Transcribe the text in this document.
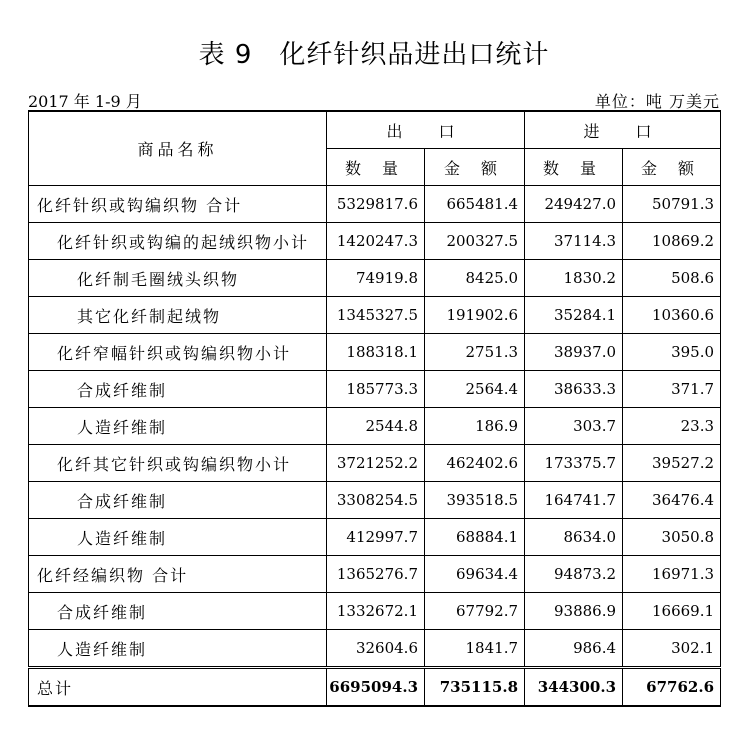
表 9　化纤针织品进出口统计
2017 年 1-9 月	单位：吨 万美元
商品名称	出　口		进　口	
	数 量	金 额	数 量	金 额
化纤针织或钩编织物 合计	5329817.6	665481.4	249427.0	50791.3
化纤针织或钩编的起绒织物小计	1420247.3	200327.5	37114.3	10869.2
化纤制毛圈绒头织物	74919.8	8425.0	1830.2	508.6
其它化纤制起绒物	1345327.5	191902.6	35284.1	10360.6
化纤窄幅针织或钩编织物小计	188318.1	2751.3	38937.0	395.0
合成纤维制	185773.3	2564.4	38633.3	371.7
人造纤维制	2544.8	186.9	303.7	23.3
化纤其它针织或钩编织物小计	3721252.2	462402.6	173375.7	39527.2
合成纤维制	3308254.5	393518.5	164741.7	36476.4
人造纤维制	412997.7	68884.1	8634.0	3050.8
化纤经编织物 合计	1365276.7	69634.4	94873.2	16971.3
合成纤维制	1332672.1	67792.7	93886.9	16669.1
人造纤维制	32604.6	1841.7	986.4	302.1
总计	6695094.3	735115.8	344300.3	67762.6
